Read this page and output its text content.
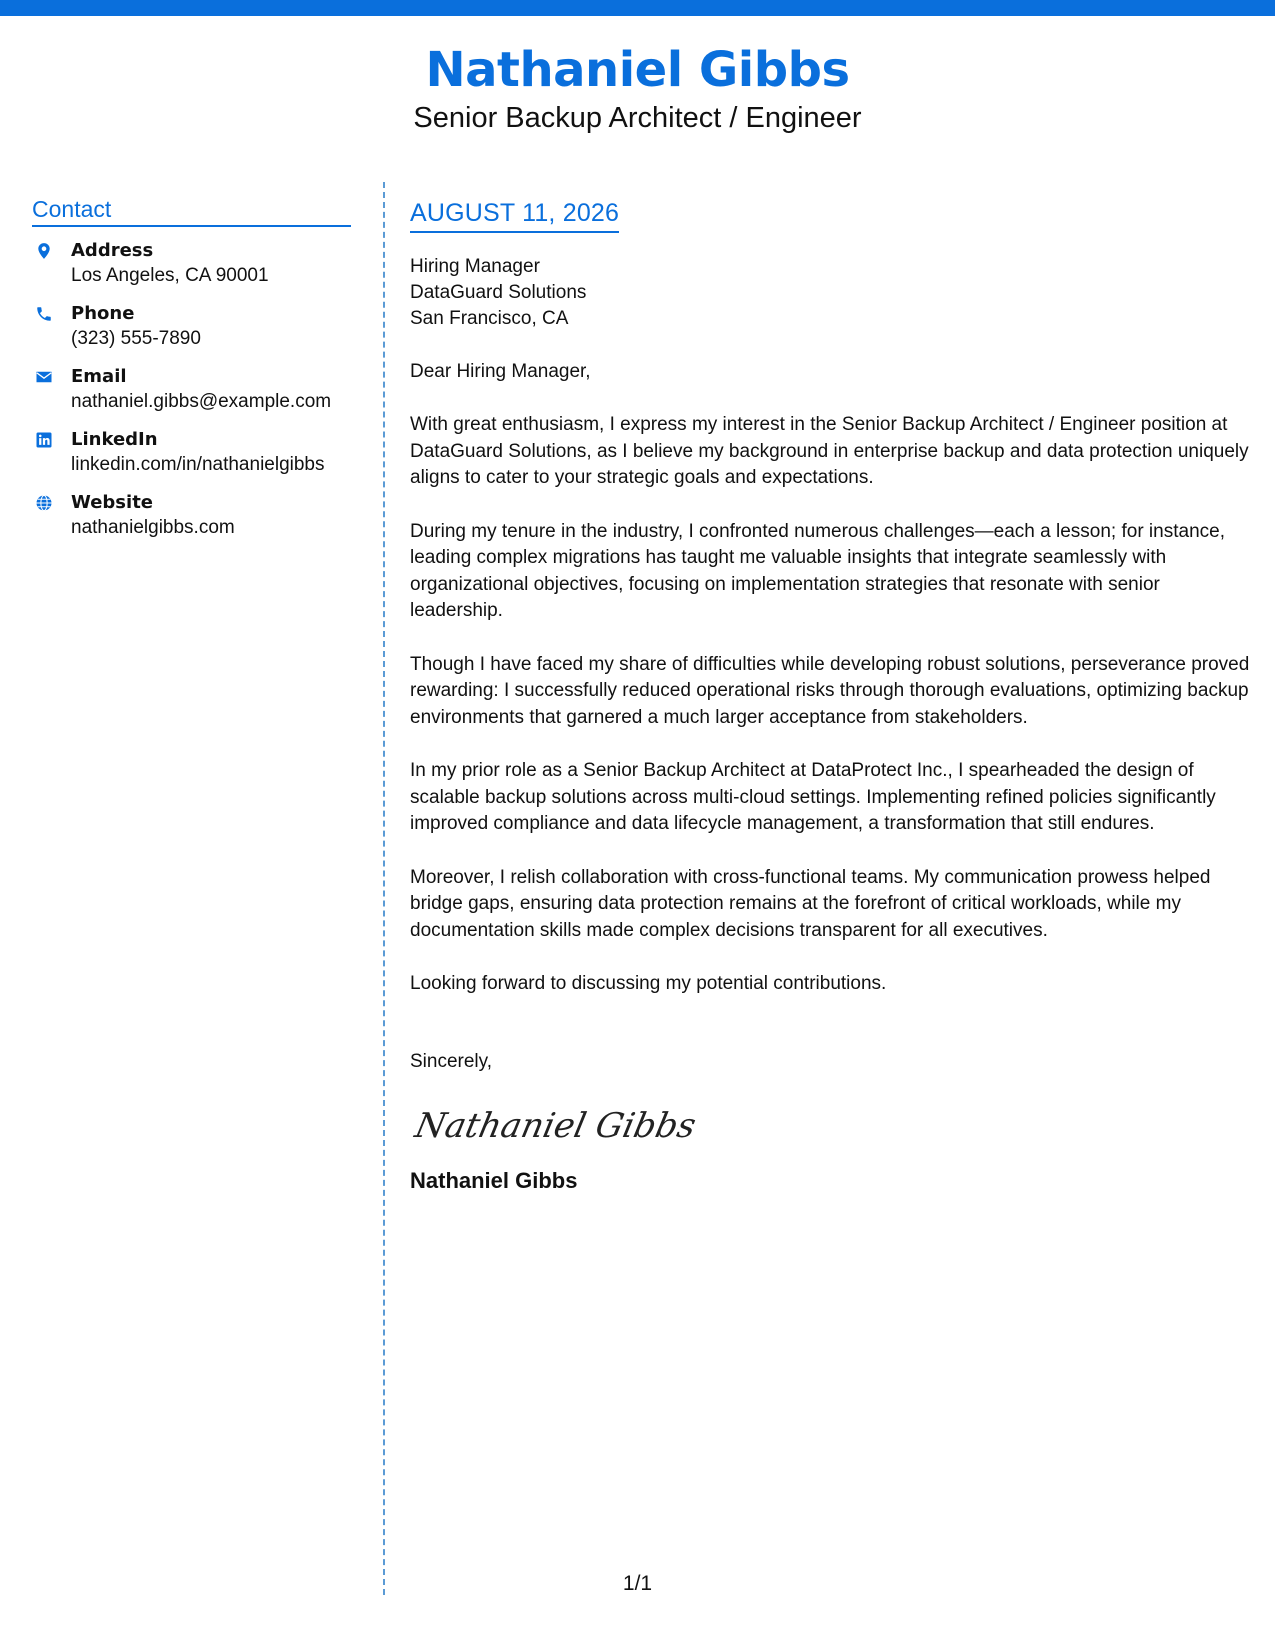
Nathaniel Gibbs
Senior Backup Architect / Engineer
Contact
Address
Los Angeles, CA 90001
Phone
(323) 555-7890
Email
nathaniel.gibbs@example.com
LinkedIn
linkedin.com/in/nathanielgibbs
Website
nathanielgibbs.com
AUGUST 11, 2026
Hiring Manager
DataGuard Solutions
San Francisco, CA
Dear Hiring Manager,
With great enthusiasm, I express my interest in the Senior Backup Architect / Engineer position at DataGuard Solutions, as I believe my background in enterprise backup and data protection uniquely aligns to cater to your strategic goals and expectations.
During my tenure in the industry, I confronted numerous challenges—each a lesson; for instance, leading complex migrations has taught me valuable insights that integrate seamlessly with organizational objectives, focusing on implementation strategies that resonate with senior leadership.
Though I have faced my share of difficulties while developing robust solutions, perseverance proved rewarding: I successfully reduced operational risks through thorough evaluations, optimizing backup environments that garnered a much larger acceptance from stakeholders.
In my prior role as a Senior Backup Architect at DataProtect Inc., I spearheaded the design of scalable backup solutions across multi-cloud settings. Implementing refined policies significantly improved compliance and data lifecycle management, a transformation that still endures.
Moreover, I relish collaboration with cross-functional teams. My communication prowess helped bridge gaps, ensuring data protection remains at the forefront of critical workloads, while my documentation skills made complex decisions transparent for all executives.
Looking forward to discussing my potential contributions.
Sincerely,
Nathaniel Gibbs
Nathaniel Gibbs
1/1
